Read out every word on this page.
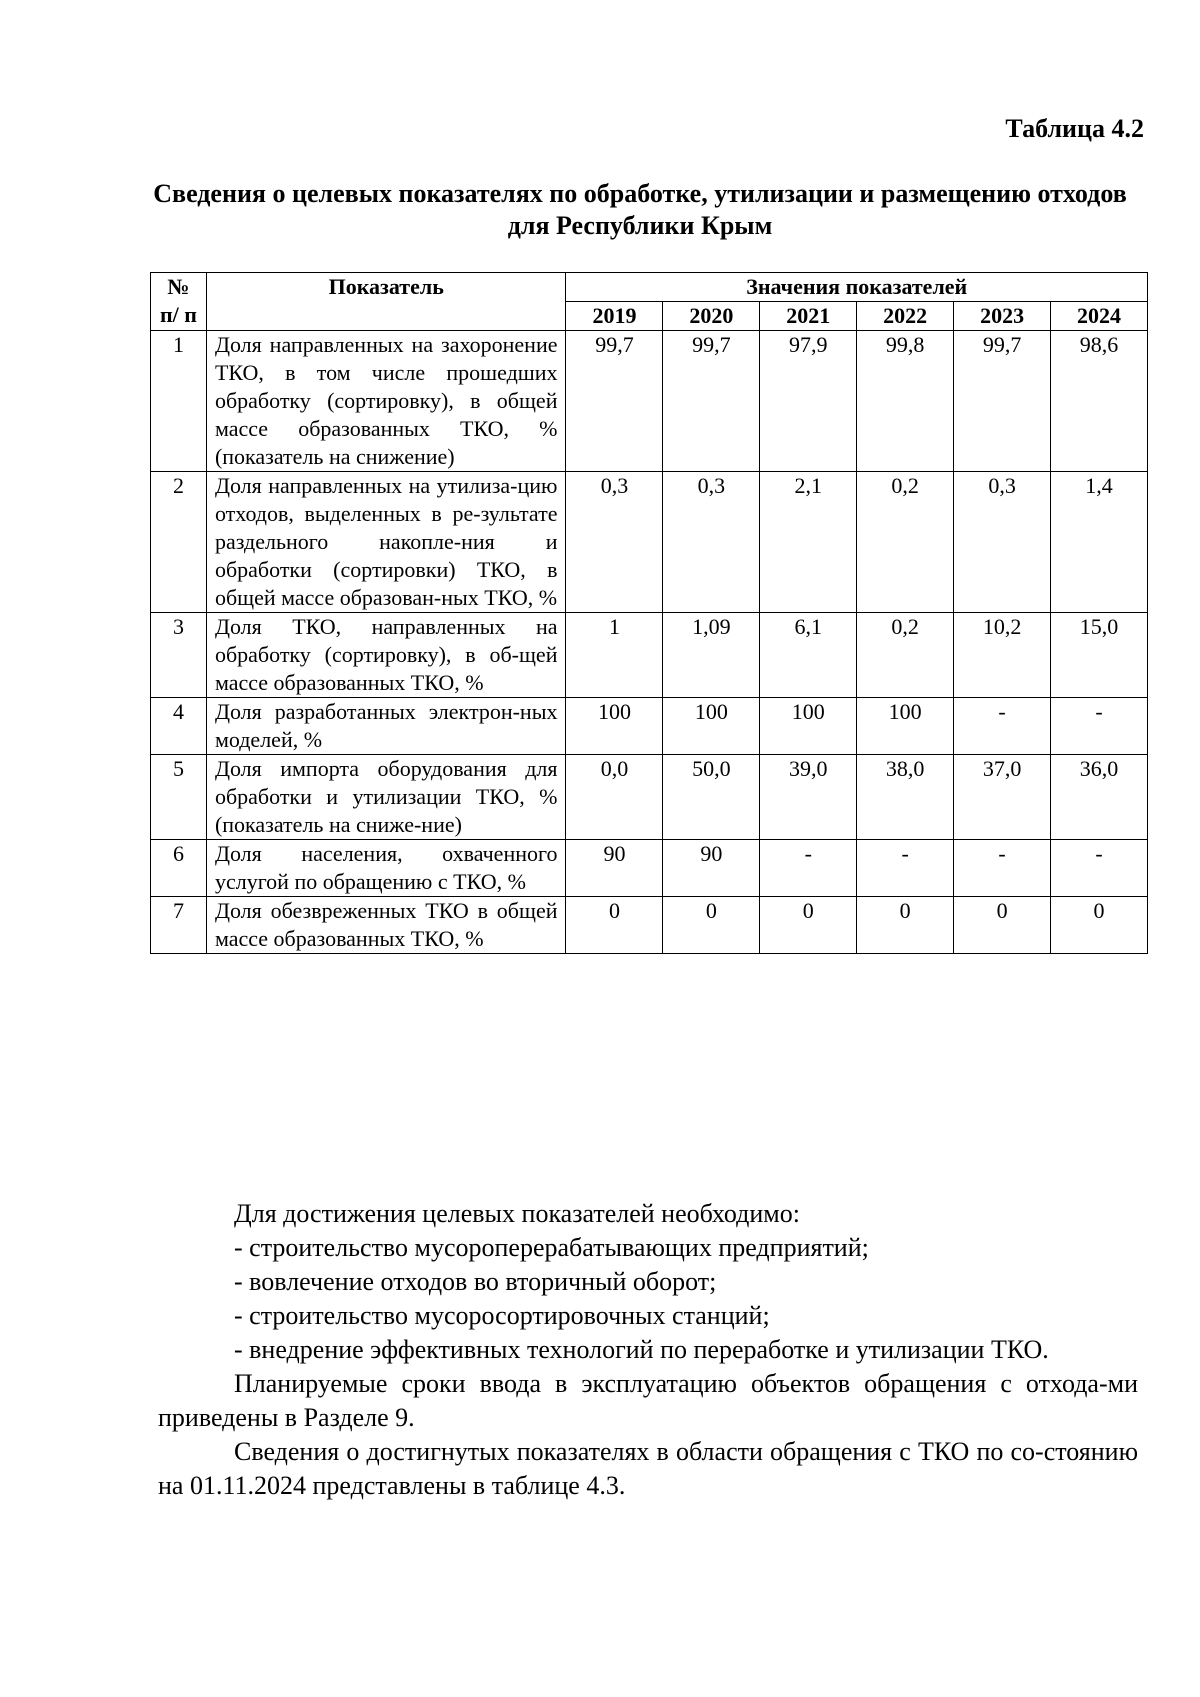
Таблица 4.2
Сведения о целевых показателях по обработке, утилизации и размещению отходов для Республики Крым
№ п/ п	Показатель	Значения показателей					
		2019	2020	2021	2022	2023	2024
1	Доля направленных на захоронение ТКО, в том числе прошедших обработку (сортировку), в общей массе образованных ТКО, % (показатель на снижение)	99,7	99,7	97,9	99,8	99,7	98,6
2	Доля направленных на утилиза-цию отходов, выделенных в ре-зультате раздельного накопле-ния и обработки (сортировки) ТКО, в общей массе образован-ных ТКО, %	0,3	0,3	2,1	0,2	0,3	1,4
3	Доля ТКО, направленных на обработку (сортировку), в об-щей массе образованных ТКО, %	1	1,09	6,1	0,2	10,2	15,0
4	Доля разработанных электрон-ных моделей, %	100	100	100	100	-	-
5	Доля импорта оборудования для обработки и утилизации ТКО, % (показатель на сниже-ние)	0,0	50,0	39,0	38,0	37,0	36,0
6	Доля населения, охваченного услугой по обращению с ТКО, %	90	90	-	-	-	-
7	Доля обезвреженных ТКО в общей массе образованных ТКО, %	0	0	0	0	0	0

Для достижения целевых показателей необходимо:

- строительство мусороперерабатывающих предприятий;

- вовлечение отходов во вторичный оборот;

- строительство мусоросортировочных станций;

- внедрение эффективных технологий по переработке и утилизации ТКО.

Планируемые сроки ввода в эксплуатацию объектов обращения с отхода-ми приведены в Разделе 9.

Сведения о достигнутых показателях в области обращения с ТКО по со-стоянию на 01.11.2024 представлены в таблице 4.3.
